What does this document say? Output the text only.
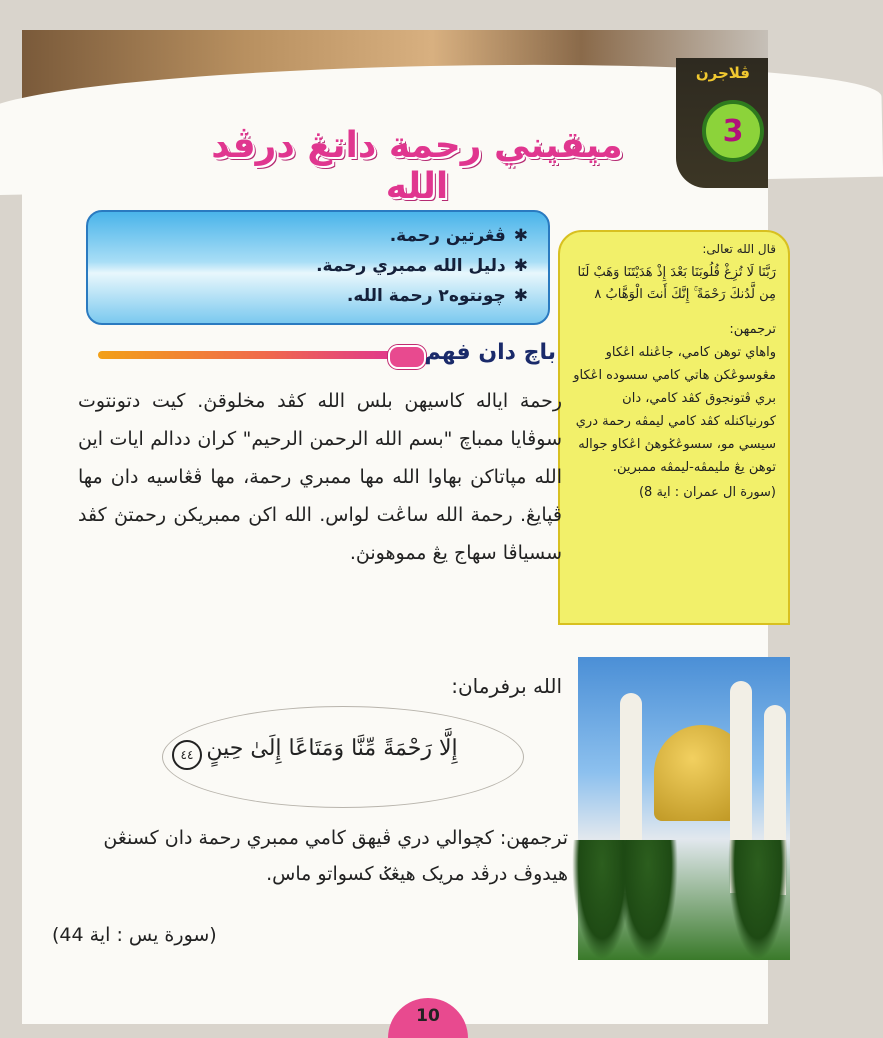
ڤلاجرن
3
ميقيني رحمة داتڠ درڤد الله
✱ڤڠرتين رحمة.
✱دليل الله ممبري رحمة.
✱چونتوه٢ رحمة الله.
قال الله تعالى:
رَبَّنَا لَا تُزِغْ قُلُوبَنَا بَعْدَ إِذْ هَدَيْتَنَا وَهَبْ لَنَا مِن لَّدُنكَ رَحْمَةً ۚ إِنَّكَ أَنتَ الْوَهَّابُ ٨
ترجمهن:
واهاي توهن كامي، جاڠنله اڠكاو مڠوسوڠكن هاتي كامي سسوده اڠكاو بري ڤتونجوق كڤد كامي، دان كورنياكنله كڤد كامي ليمڤه رحمة دري سيسي مو، سسوڠݢوهڽ اڠكاو جواله توهن يڠ مليمڤه-ليمڤه ممبرين.
(سورة ال عمران : اية 8)
باچ دان فهم
رحمة اياله كاسيهن بلس الله كڤد مخلوقڽ. كيت دتونتوت سوڤايا ممباچ "بسم الله الرحمن الرحيم" كران ددالم ايات اين الله مڽاتاكن بهاوا الله مها ممبري رحمة، مها ڤڠاسيه دان مها ڤڽايڠ. رحمة الله ساڠت لواس. الله اكن ممبريكن رحمتڽ كڤد سسياڤا سهاج يڠ مموهونڽ.
الله برفرمان:
إِلَّا رَحْمَةً مِّنَّا وَمَتَاعًا إِلَىٰ حِينٍ
٤٤
ترجمهن: كچوالي دري ڤيهق كامي ممبري رحمة دان كسنڠن هيدوڤ درڤد مريک هيڠݢ كسواتو ماس.
(سورة يس : اية 44)
10
